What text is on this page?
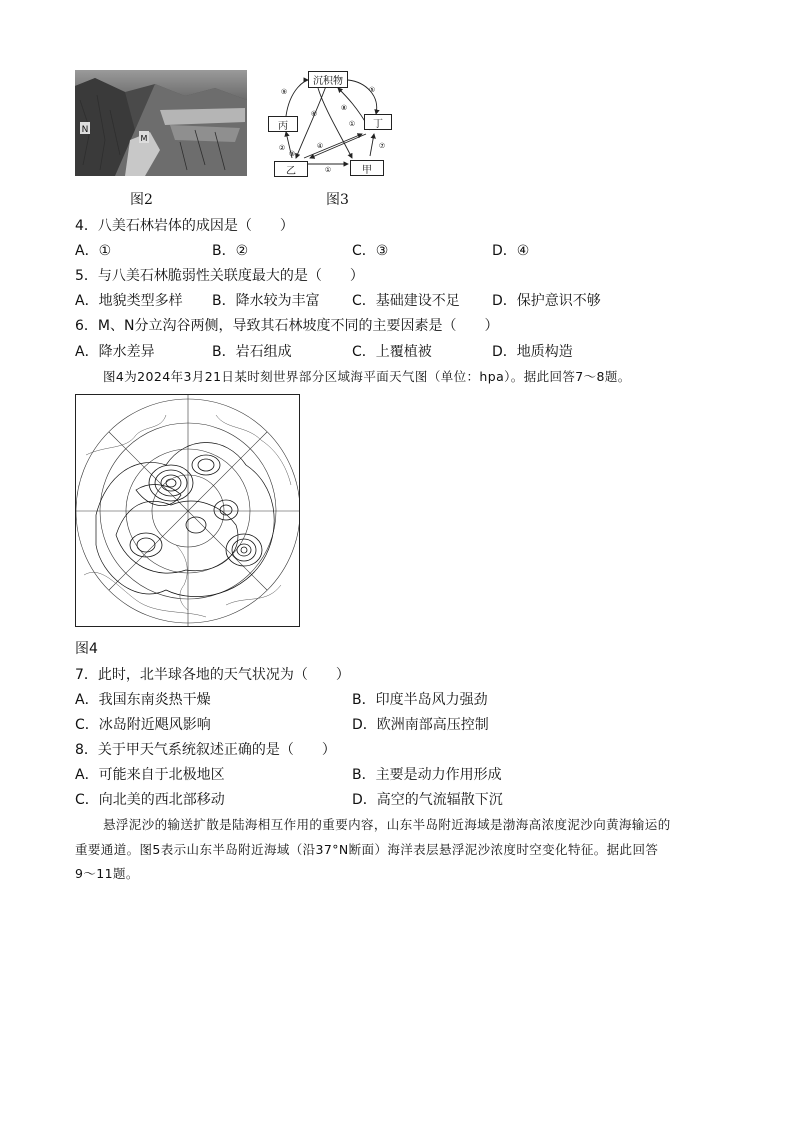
N
M
⑨	⑤
⑧
①
⑥
②
③
④
①
⑦
沉积物
丙	丁
乙	甲
图2	图3
4．八美石林岩体的成因是（　　）
A．①	B．②	C．③	D．④
5．与八美石林脆弱性关联度最大的是（　　）
A．地貌类型多样 B．降水较为丰富 C．基础建设不足 D．保护意识不够
6．M、N分立沟谷两侧，导致其石林坡度不同的主要因素是（　　）
A．降水差异	B．岩石组成	C．上覆植被	D．地质构造
图4为2024年3月21日某时刻世界部分区域海平面天气图（单位：hpa）。据此回答7～8题。
图4
7．此时，北半球各地的天气状况为（　　）
A．我国东南炎热干燥	B．印度半岛风力强劲
C．冰岛附近飓风影响	D．欧洲南部高压控制
8．关于甲天气系统叙述正确的是（　　）
A．可能来自于北极地区	B．主要是动力作用形成
C．向北美的西北部移动	D．高空的气流辐散下沉
悬浮泥沙的输送扩散是陆海相互作用的重要内容，山东半岛附近海域是渤海高浓度泥沙向黄海输运的
重要通道。图5表示山东半岛附近海域（沿37°N断面）海洋表层悬浮泥沙浓度时空变化特征。据此回答
9～11题。
